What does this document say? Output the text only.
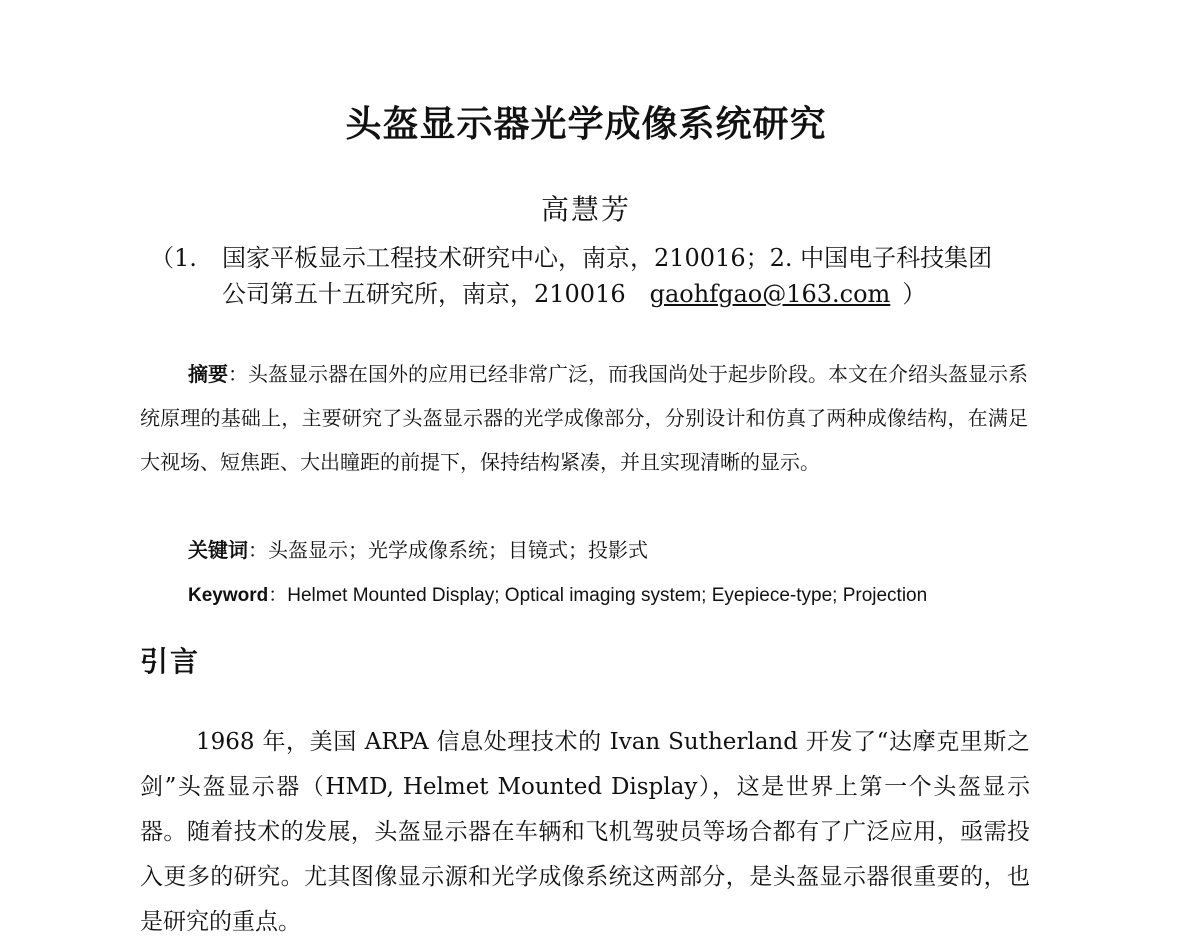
头盔显示器光学成像系统研究
高慧芳
（1. 国家平板显示工程技术研究中心，南京，210016；2. 中国电子科技集团
公司第五十五研究所，南京，210016 gaohfgao@163.com ）
摘要：头盔显示器在国外的应用已经非常广泛，而我国尚处于起步阶段。本文在介绍头盔显示系统原理的基础上，主要研究了头盔显示器的光学成像部分，分别设计和仿真了两种成像结构，在满足大视场、短焦距、大出瞳距的前提下，保持结构紧凑，并且实现清晰的显示。
关键词：头盔显示；光学成像系统；目镜式；投影式
Keyword：Helmet Mounted Display; Optical imaging system; Eyepiece-type; Projection
引言
1968 年，美国 ARPA 信息处理技术的 Ivan Sutherland 开发了“达摩克里斯之剑”头盔显示器（HMD, Helmet Mounted Display），这是世界上第一个头盔显示器。随着技术的发展，头盔显示器在车辆和飞机驾驶员等场合都有了广泛应用，亟需投入更多的研究。尤其图像显示源和光学成像系统这两部分，是头盔显示器很重要的，也是研究的重点。
